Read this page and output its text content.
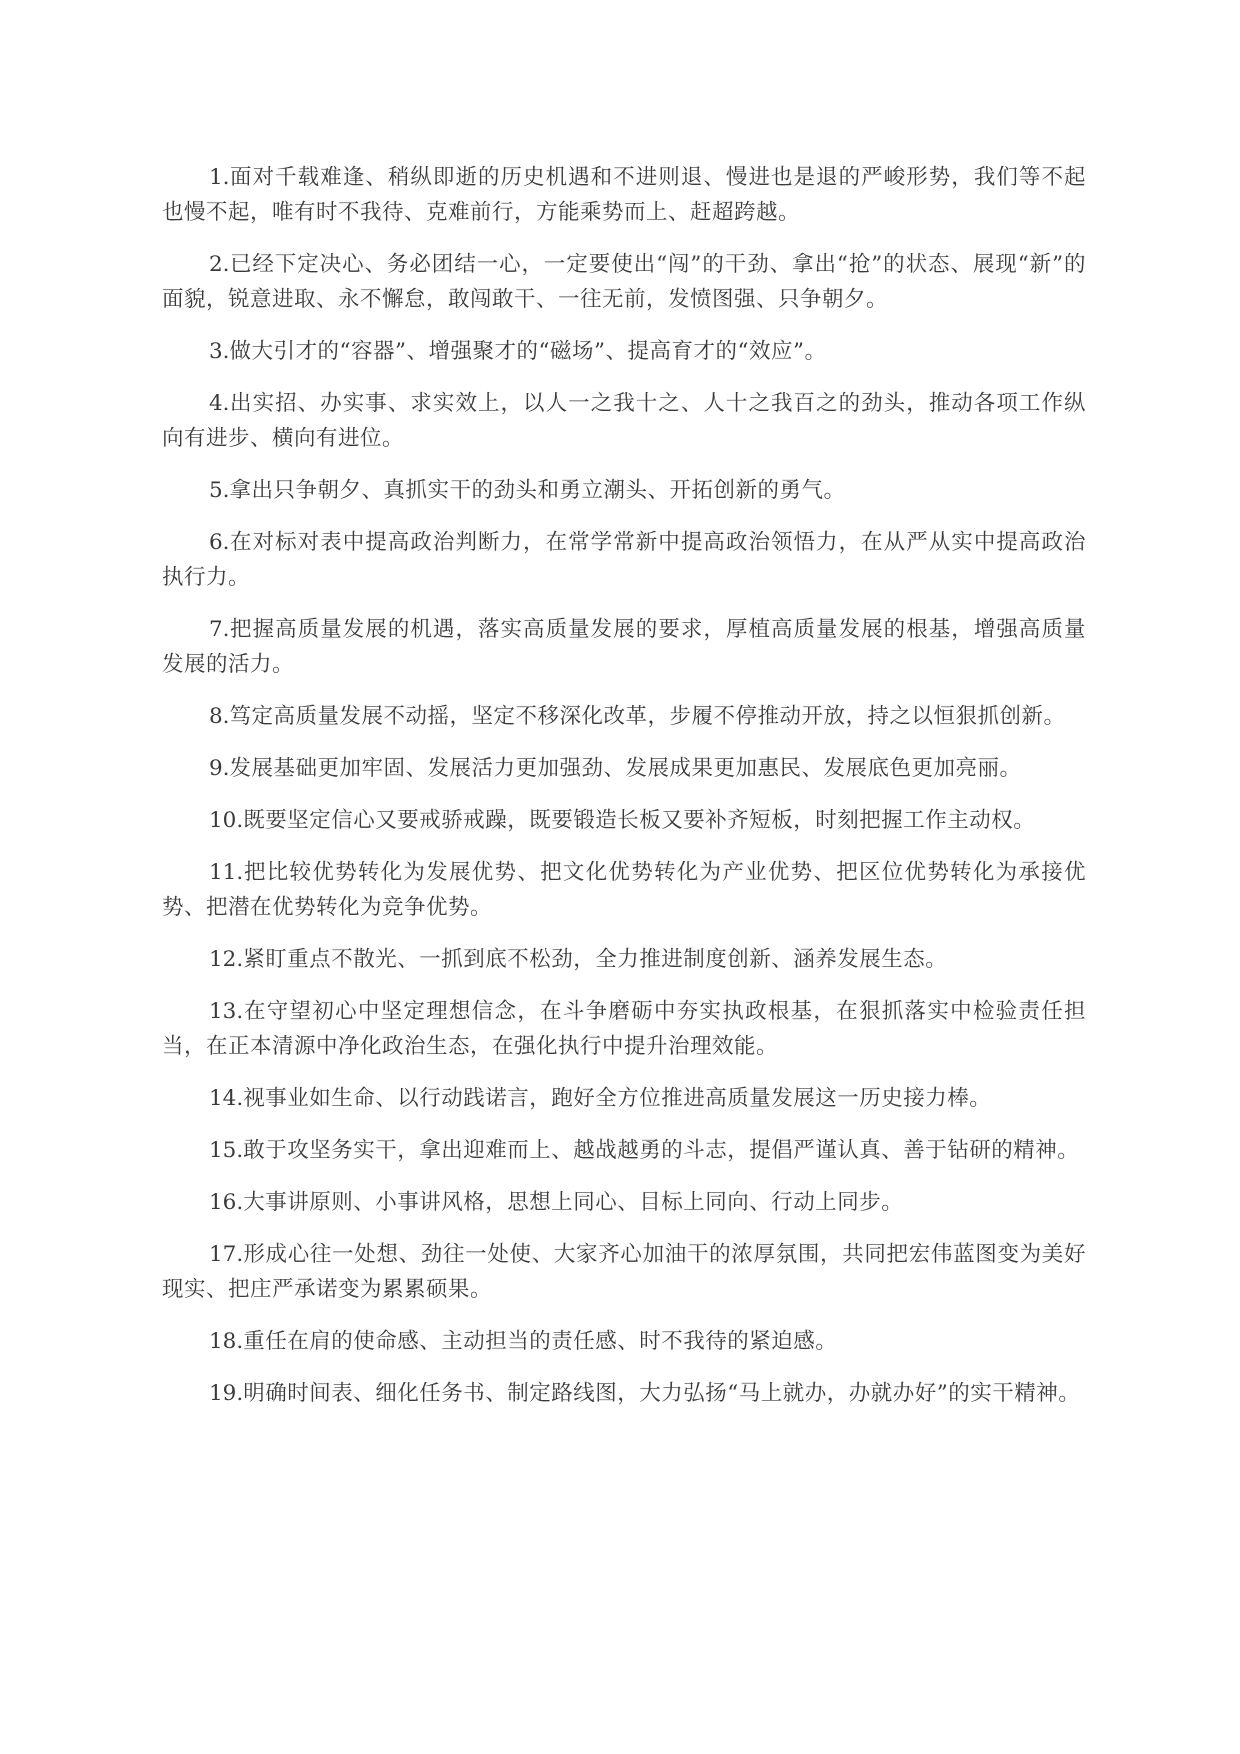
1.面对千载难逢、稍纵即逝的历史机遇和不进则退、慢进也是退的严峻形势，我们等不起也慢不起，唯有时不我待、克难前行，方能乘势而上、赶超跨越。

2.已经下定决心、务必团结一心，一定要使出“闯”的干劲、拿出“抢”的状态、展现“新”的面貌，锐意进取、永不懈怠，敢闯敢干、一往无前，发愤图强、只争朝夕。

3.做大引才的“容器”、增强聚才的“磁场”、提高育才的“效应”。

4.出实招、办实事、求实效上，以人一之我十之、人十之我百之的劲头，推动各项工作纵向有进步、横向有进位。

5.拿出只争朝夕、真抓实干的劲头和勇立潮头、开拓创新的勇气。

6.在对标对表中提高政治判断力，在常学常新中提高政治领悟力，在从严从实中提高政治执行力。

7.把握高质量发展的机遇，落实高质量发展的要求，厚植高质量发展的根基，增强高质量发展的活力。

8.笃定高质量发展不动摇，坚定不移深化改革，步履不停推动开放，持之以恒狠抓创新。

9.发展基础更加牢固、发展活力更加强劲、发展成果更加惠民、发展底色更加亮丽。

10.既要坚定信心又要戒骄戒躁，既要锻造长板又要补齐短板，时刻把握工作主动权。

11.把比较优势转化为发展优势、把文化优势转化为产业优势、把区位优势转化为承接优势、把潜在优势转化为竞争优势。

12.紧盯重点不散光、一抓到底不松劲，全力推进制度创新、涵养发展生态。

13.在守望初心中坚定理想信念，在斗争磨砺中夯实执政根基，在狠抓落实中检验责任担当，在正本清源中净化政治生态，在强化执行中提升治理效能。

14.视事业如生命、以行动践诺言，跑好全方位推进高质量发展这一历史接力棒。

15.敢于攻坚务实干，拿出迎难而上、越战越勇的斗志，提倡严谨认真、善于钻研的精神。

16.大事讲原则、小事讲风格，思想上同心、目标上同向、行动上同步。

17.形成心往一处想、劲往一处使、大家齐心加油干的浓厚氛围，共同把宏伟蓝图变为美好现实、把庄严承诺变为累累硕果。

18.重任在肩的使命感、主动担当的责任感、时不我待的紧迫感。

19.明确时间表、细化任务书、制定路线图，大力弘扬“马上就办，办就办好”的实干精神。
